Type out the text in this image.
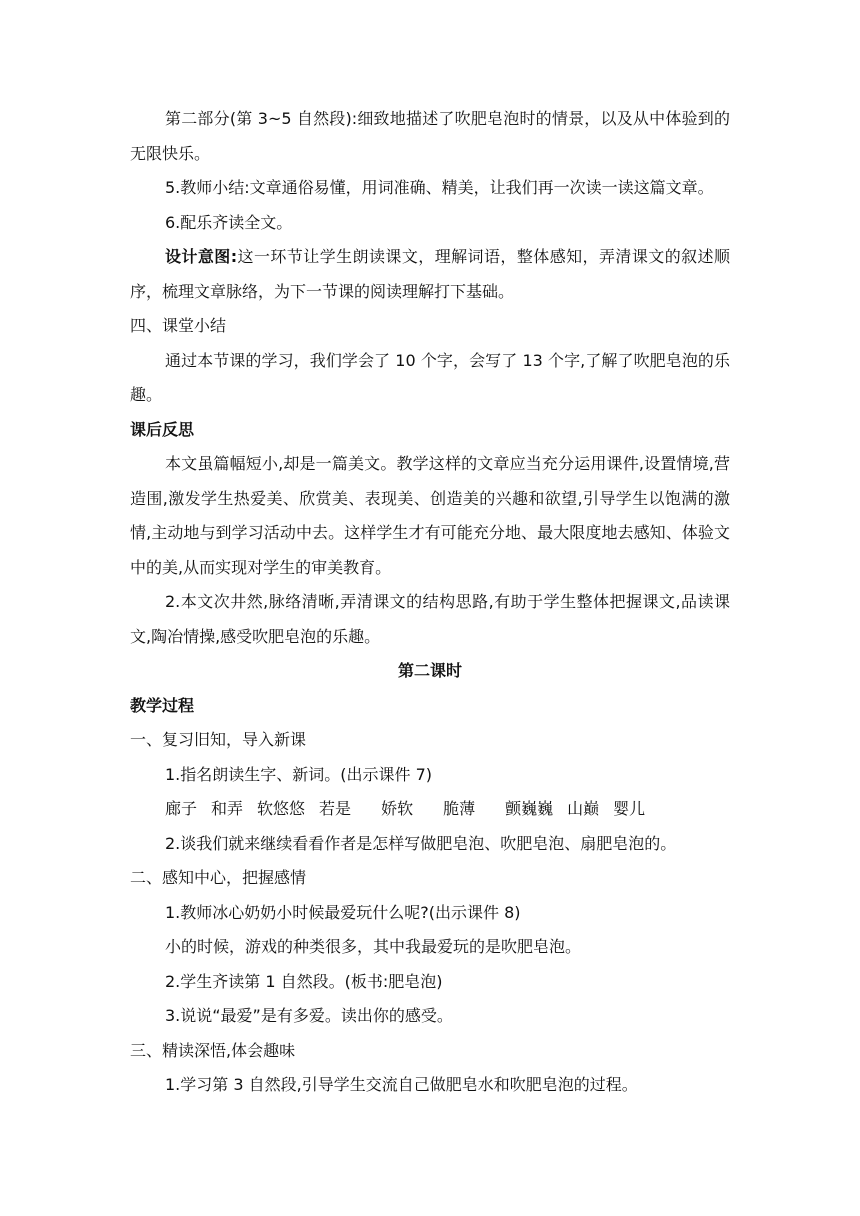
第二部分(第 3~5 自然段):细致地描述了吹肥皂泡时的情景，以及从中体验到的无限快乐。

5.教师小结:文章通俗易懂，用词准确、精美，让我们再一次读一读这篇文章。

6.配乐齐读全文。

设计意图:这一环节让学生朗读课文，理解词语，整体感知，弄清课文的叙述顺序，梳理文章脉络，为下一节课的阅读理解打下基础。

四、课堂小结

通过本节课的学习，我们学会了 10 个字，会写了 13 个字,了解了吹肥皂泡的乐趣。

课后反思

本文虽篇幅短小,却是一篇美文。教学这样的文章应当充分运用课件,设置情境,营造围,激发学生热爱美、欣赏美、表现美、创造美的兴趣和欲望,引导学生以饱满的激情,主动地与到学习活动中去。这样学生才有可能充分地、最大限度地去感知、体验文中的美,从而实现对学生的审美教育。

2.本文次井然,脉络清晰,弄清课文的结构思路,有助于学生整体把握课文,品读课文,陶冶情操,感受吹肥皂泡的乐趣。

第二课时

教学过程

一、复习旧知，导入新课

1.指名朗读生字、新词。(出示课件 7)

廊子 和弄 软悠悠 若是 娇软 脆薄 颤巍巍 山巅 婴儿

2.谈我们就来继续看看作者是怎样写做肥皂泡、吹肥皂泡、扇肥皂泡的。

二、感知中心，把握感情

1.教师冰心奶奶小时候最爱玩什么呢?(出示课件 8)

小的时候，游戏的种类很多，其中我最爱玩的是吹肥皂泡。

2.学生齐读第 1 自然段。(板书:肥皂泡)

3.说说“最爱”是有多爱。读出你的感受。

三、精读深悟,体会趣味

1.学习第 3 自然段,引导学生交流自己做肥皂水和吹肥皂泡的过程。
